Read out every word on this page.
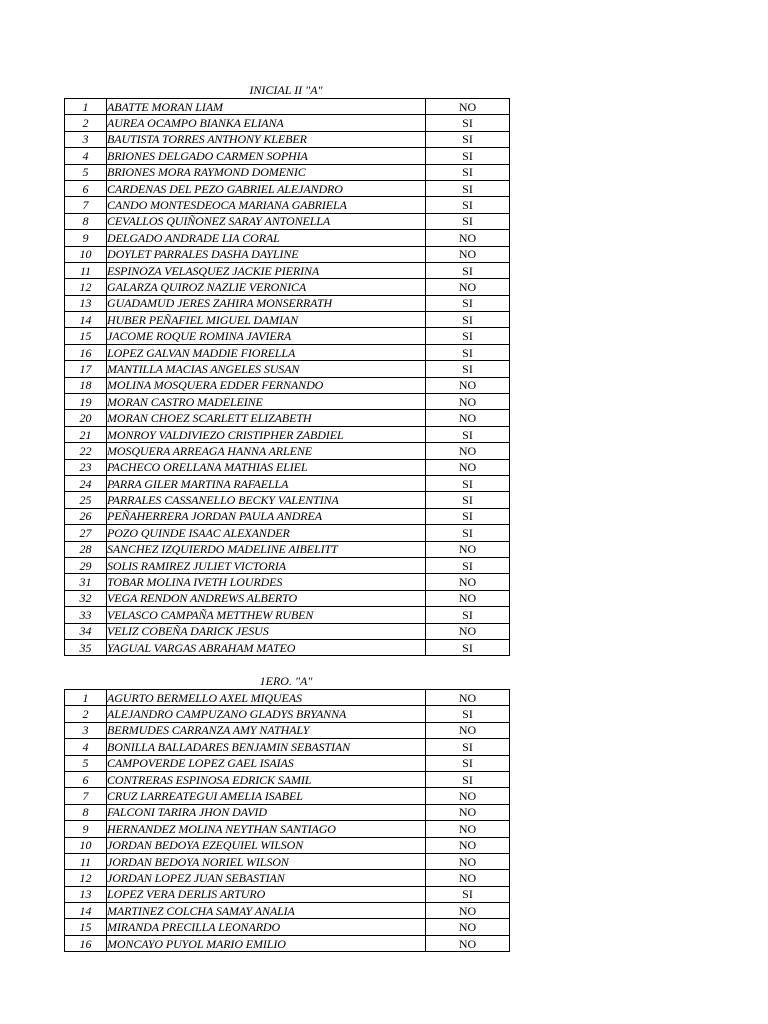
INICIAL II "A"
1	ABATTE MORAN LIAM	NO
2	AUREA OCAMPO BIANKA ELIANA	SI
3	BAUTISTA TORRES ANTHONY KLEBER	SI
4	BRIONES DELGADO CARMEN SOPHIA	SI
5	BRIONES MORA RAYMOND DOMENIC	SI
6	CARDENAS DEL PEZO GABRIEL ALEJANDRO	SI
7	CANDO MONTESDEOCA MARIANA GABRIELA	SI
8	CEVALLOS QUIÑONEZ SARAY ANTONELLA	SI
9	DELGADO ANDRADE LIA CORAL	NO
10	DOYLET PARRALES DASHA DAYLINE	NO
11	ESPINOZA VELASQUEZ JACKIE PIERINA	SI
12	GALARZA QUIROZ NAZLIE VERONICA	NO
13	GUADAMUD JERES ZAHIRA MONSERRATH	SI
14	HUBER PEÑAFIEL MIGUEL DAMIAN	SI
15	JACOME ROQUE ROMINA JAVIERA	SI
16	LOPEZ GALVAN MADDIE FIORELLA	SI
17	MANTILLA MACIAS ANGELES SUSAN	SI
18	MOLINA MOSQUERA EDDER FERNANDO	NO
19	MORAN CASTRO MADELEINE	NO
20	MORAN CHOEZ SCARLETT ELIZABETH	NO
21	MONROY VALDIVIEZO CRISTIPHER ZABDIEL	SI
22	MOSQUERA ARREAGA HANNA ARLENE	NO
23	PACHECO ORELLANA MATHIAS ELIEL	NO
24	PARRA GILER MARTINA RAFAELLA	SI
25	PARRALES CASSANELLO BECKY VALENTINA	SI
26	PEÑAHERRERA JORDAN PAULA ANDREA	SI
27	POZO QUINDE ISAAC ALEXANDER	SI
28	SANCHEZ IZQUIERDO MADELINE AIBELITT	NO
29	SOLIS RAMIREZ JULIET VICTORIA	SI
31	TOBAR MOLINA IVETH LOURDES	NO
32	VEGA RENDON ANDREWS ALBERTO	NO
33	VELASCO CAMPAÑA METTHEW RUBEN	SI
34	VELIZ COBEÑA DARICK JESUS	NO
35	YAGUAL VARGAS ABRAHAM MATEO	SI
1ERO. "A"
1	AGURTO BERMELLO AXEL MIQUEAS	NO
2	ALEJANDRO CAMPUZANO GLADYS BRYANNA	SI
3	BERMUDES CARRANZA AMY NATHALY	NO
4	BONILLA BALLADARES BENJAMIN SEBASTIAN	SI
5	CAMPOVERDE LOPEZ GAEL ISAIAS	SI
6	CONTRERAS ESPINOSA EDRICK SAMIL	SI
7	CRUZ LARREATEGUI AMELIA ISABEL	NO
8	FALCONI TARIRA JHON DAVID	NO
9	HERNANDEZ MOLINA NEYTHAN SANTIAGO	NO
10	JORDAN BEDOYA EZEQUIEL WILSON	NO
11	JORDAN BEDOYA NORIEL WILSON	NO
12	JORDAN LOPEZ JUAN SEBASTIAN	NO
13	LOPEZ VERA DERLIS ARTURO	SI
14	MARTINEZ COLCHA SAMAY ANALIA	NO
15	MIRANDA PRECILLA LEONARDO	NO
16	MONCAYO PUYOL MARIO EMILIO	NO
